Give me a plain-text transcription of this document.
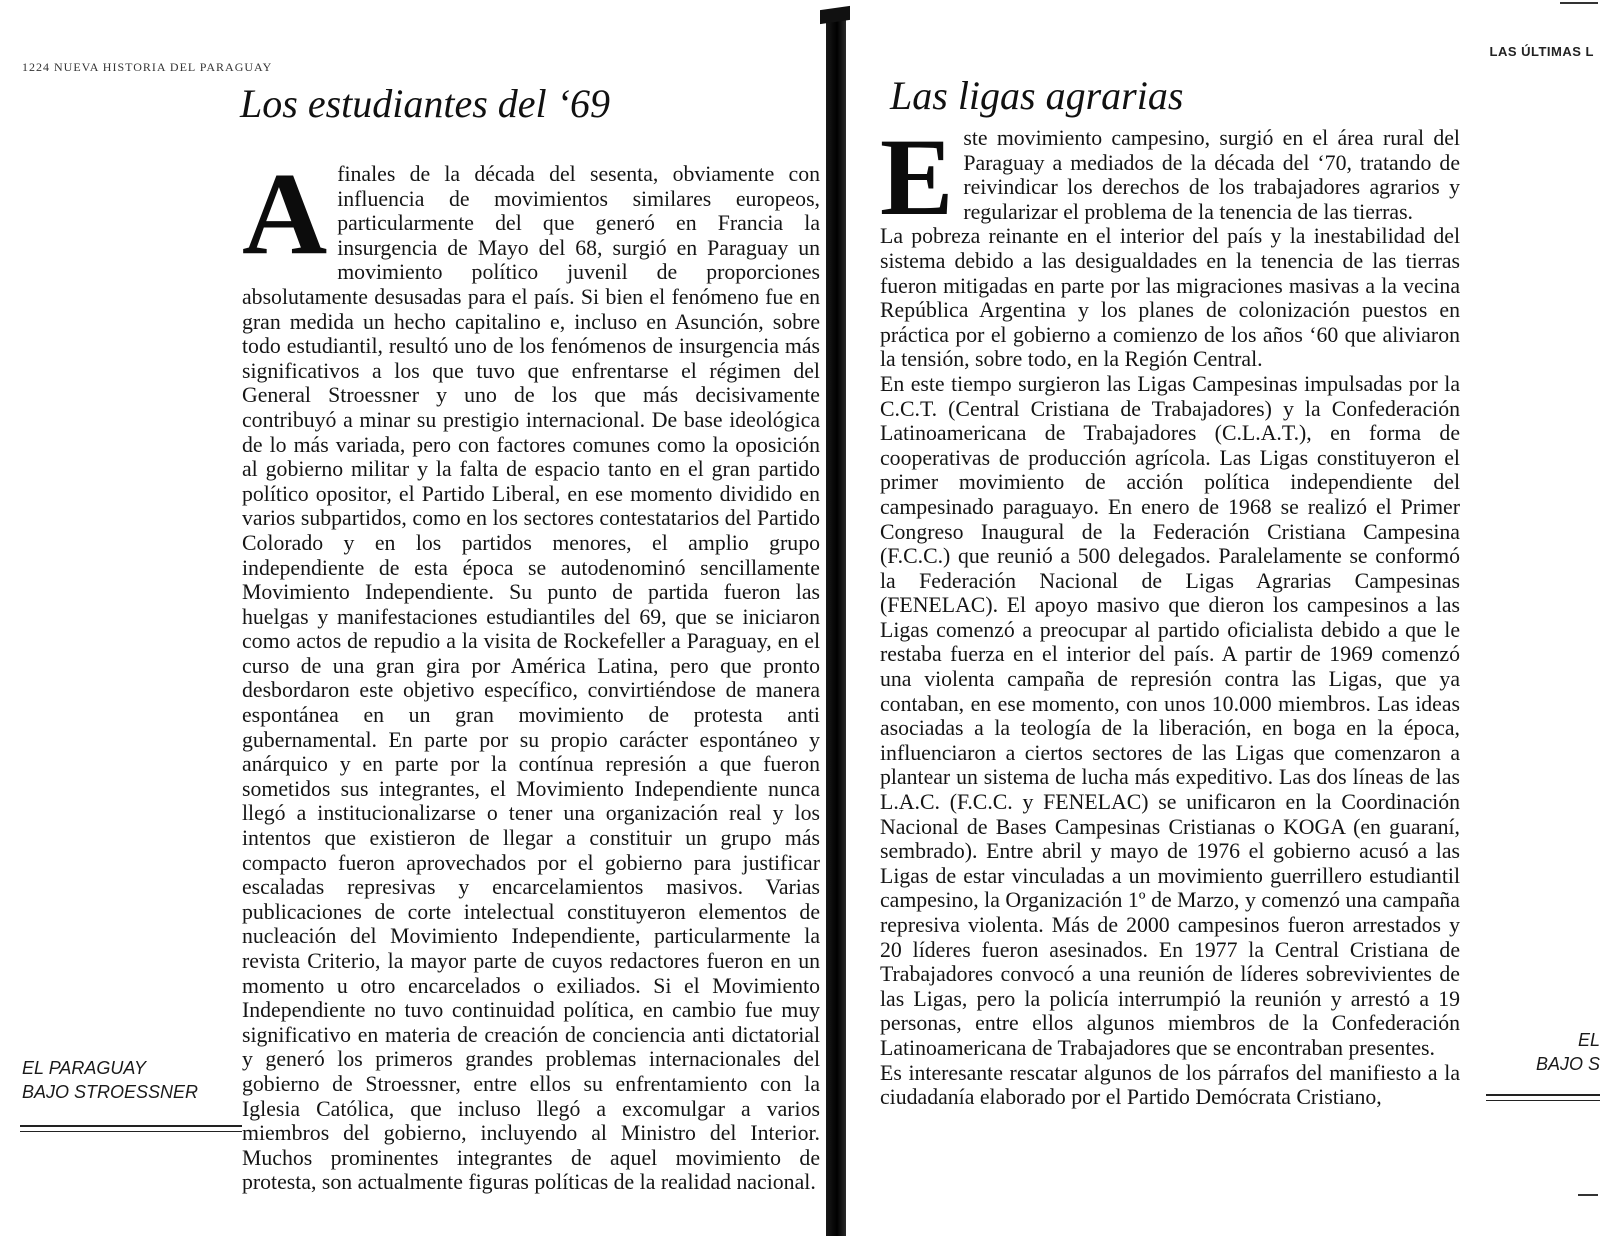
1224 NUEVA HISTORIA DEL PARAGUAY
Los estudiantes del ‘69

Afinales de la década del sesenta, obviamente con influencia de movimientos similares europeos, particularmente del que generó en Francia la insurgencia de Mayo del 68, surgió en Paraguay un movimiento político juvenil de proporciones absolutamente desusadas para el país. Si bien el fenómeno fue en gran medida un hecho capitalino e, incluso en Asunción, sobre todo estudiantil, resultó uno de los fenómenos de insurgencia más significativos a los que tuvo que enfrentarse el régimen del General Stroessner y uno de los que más decisivamente contribuyó a minar su prestigio internacional. De base ideológica de lo más variada, pero con factores comunes como la oposición al gobierno militar y la falta de espacio tanto en el gran partido político opositor, el Partido Liberal, en ese momento dividido en varios subpartidos, como en los sectores contestatarios del Partido Colorado y en los partidos menores, el amplio grupo independiente de esta época se autodenominó sencillamente Movimiento Independiente. Su punto de partida fueron las huelgas y manifestaciones estudiantiles del 69, que se iniciaron como actos de repudio a la visita de Rockefeller a Paraguay, en el curso de una gran gira por América Latina, pero que pronto desbordaron este objetivo específico, convirtiéndose de manera espontánea en un gran movimiento de protesta anti gubernamental. En parte por su propio carácter espontáneo y anárquico y en parte por la contínua represión a que fueron sometidos sus integrantes, el Movimiento Independiente nunca llegó a institucionalizarse o tener una organización real y los intentos que existieron de llegar a constituir un grupo más compacto fueron aprovechados por el gobierno para justificar escaladas represivas y encarcelamientos masivos. Varias publicaciones de corte intelectual constituyeron elementos de nucleación del Movimiento Independiente, particularmente la revista Criterio, la mayor parte de cuyos redactores fueron en un momento u otro encarcelados o exiliados. Si el Movimiento Independiente no tuvo continuidad política, en cambio fue muy significativo en materia de creación de conciencia anti dictatorial y generó los primeros grandes problemas internacionales del gobierno de Stroessner, entre ellos su enfrentamiento con la Iglesia Católica, que incluso llegó a excomulgar a varios miembros del gobierno, incluyendo al Ministro del Interior. Muchos prominentes integrantes de aquel movimiento de protesta, son actualmente figuras políticas de la realidad nacional.

EL PARAGUAY
BAJO STROESSNER
LAS ÚLTIMAS L
Las ligas agrarias

Este movimiento campesino, surgió en el área rural del Paraguay a mediados de la década del ‘70, tratando de reivindicar los derechos de los trabajadores agrarios y regularizar el problema de la tenencia de las tierras.

La pobreza reinante en el interior del país y la inestabilidad del sistema debido a las desigualdades en la tenencia de las tierras fueron mitigadas en parte por las migraciones masivas a la vecina República Argentina y los planes de colonización puestos en práctica por el gobierno a comienzo de los años ‘60 que aliviaron la tensión, sobre todo, en la Región Central.

En este tiempo surgieron las Ligas Campesinas impulsadas por la C.C.T. (Central Cristiana de Trabajadores) y la Confederación Latinoamericana de Trabajadores (C.L.A.T.), en forma de cooperativas de producción agrícola. Las Ligas constituyeron el primer movimiento de acción política independiente del campesinado paraguayo. En enero de 1968 se realizó el Primer Congreso Inaugural de la Federación Cristiana Campesina (F.C.C.) que reunió a 500 delegados. Paralelamente se conformó la Federación Nacional de Ligas Agrarias Campesinas (FENELAC). El apoyo masivo que dieron los campesinos a las Ligas comenzó a preocupar al partido oficialista debido a que le restaba fuerza en el interior del país. A partir de 1969 comenzó una violenta campaña de represión contra las Ligas, que ya contaban, en ese momento, con unos 10.000 miembros. Las ideas asociadas a la teología de la liberación, en boga en la época, influenciaron a ciertos sectores de las Ligas que comenzaron a plantear un sistema de lucha más expeditivo. Las dos líneas de las L.A.C. (F.C.C. y FENELAC) se unificaron en la Coordinación Nacional de Bases Campesinas Cristianas o KOGA (en guaraní, sembrado). Entre abril y mayo de 1976 el gobierno acusó a las Ligas de estar vinculadas a un movimiento guerrillero estudiantil campesino, la Organización 1º de Marzo, y comenzó una campaña represiva violenta. Más de 2000 campesinos fueron arrestados y 20 líderes fueron asesinados. En 1977 la Central Cristiana de Trabajadores convocó a una reunión de líderes sobrevivientes de las Ligas, pero la policía interrumpió la reunión y arrestó a 19 personas, entre ellos algunos miembros de la Confederación Latinoamericana de Trabajadores que se encontraban presentes.

Es interesante rescatar algunos de los párrafos del manifiesto a la ciudadanía elaborado por el Partido Demócrata Cristiano,

EL
BAJO S
